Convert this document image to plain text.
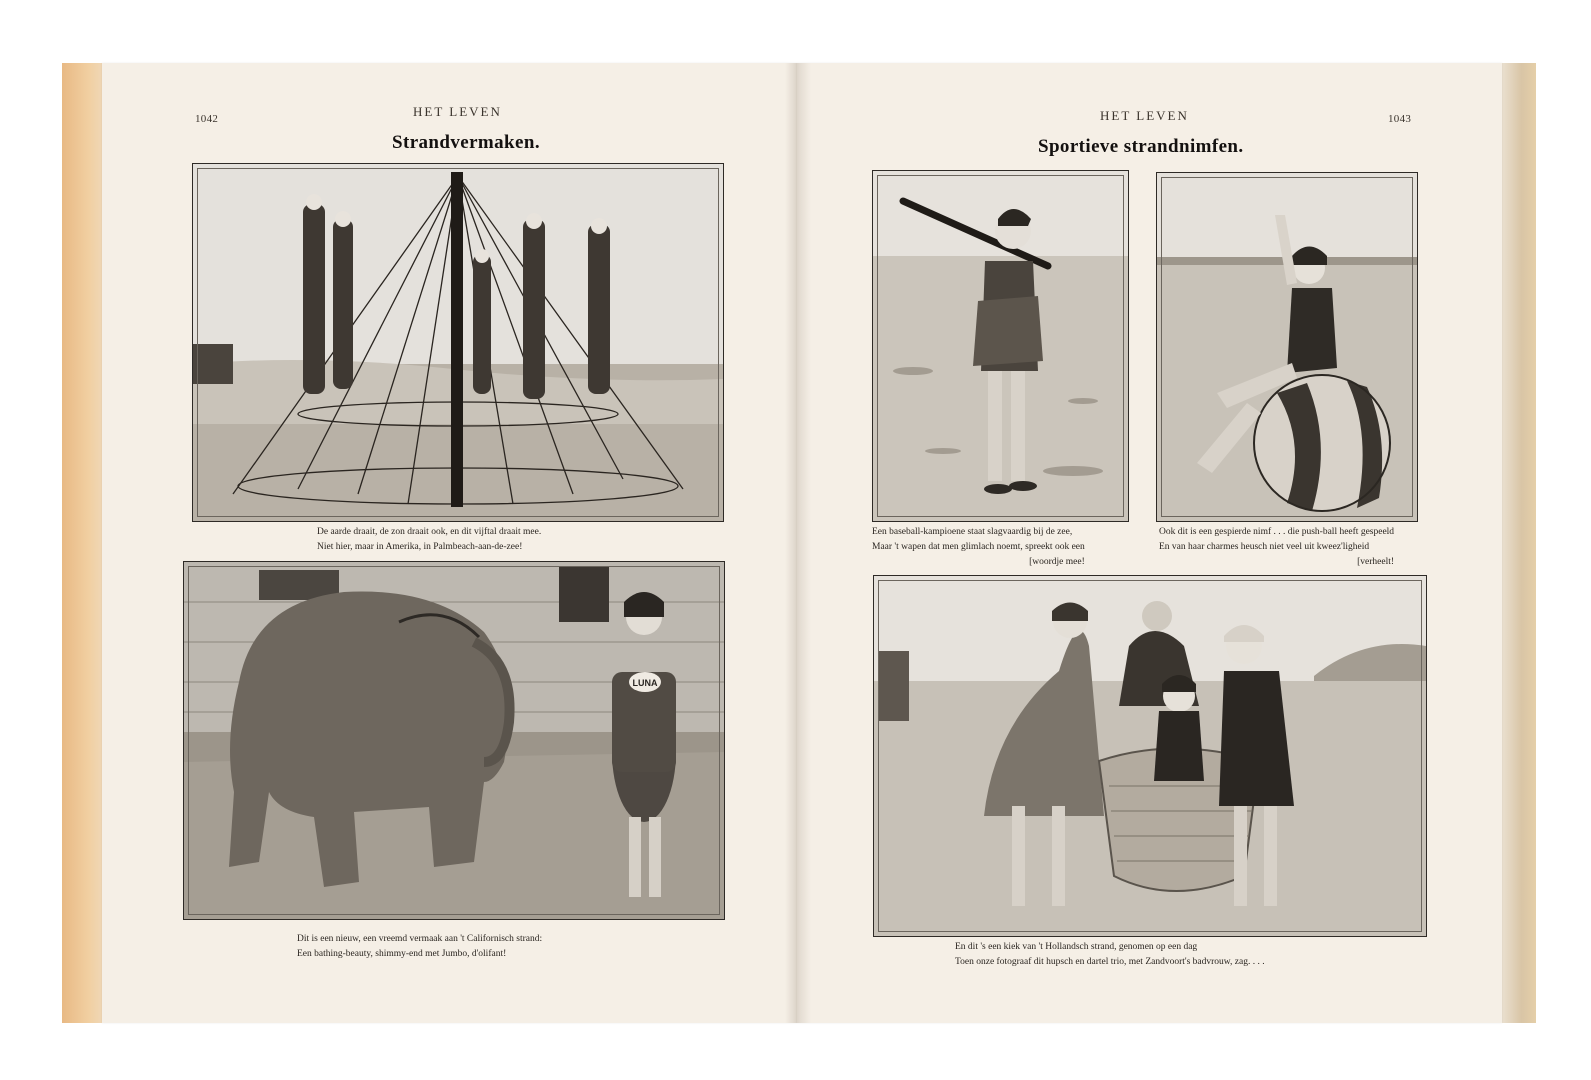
1042	HET LEVEN
Strandvermaken.
De aarde draait, de zon draait ook, en dit vijftal draait mee.
Niet hier, maar in Amerika, in Palmbeach-aan-de-zee!
LUNA
Dit is een nieuw, een vreemd vermaak aan 't Californisch strand:
Een bathing-beauty, shimmy-end met Jumbo, d'olifant!
HET LEVEN	1043
Sportieve strandnimfen.
Een baseball-kampioene staat slagvaardig bij de zee,
Maar 't wapen dat men glimlach noemt, spreekt ook een
[woordje mee!
Ook dit is een gespierde nimf . . . die push-ball heeft gespeeld
En van haar charmes heusch niet veel uit kweez'ligheid
[verheelt!
En dit 's een kiek van 't Hollandsch strand, genomen op een dag
Toen onze fotograaf dit hupsch en dartel trio, met Zandvoort's badvrouw, zag. . . .
